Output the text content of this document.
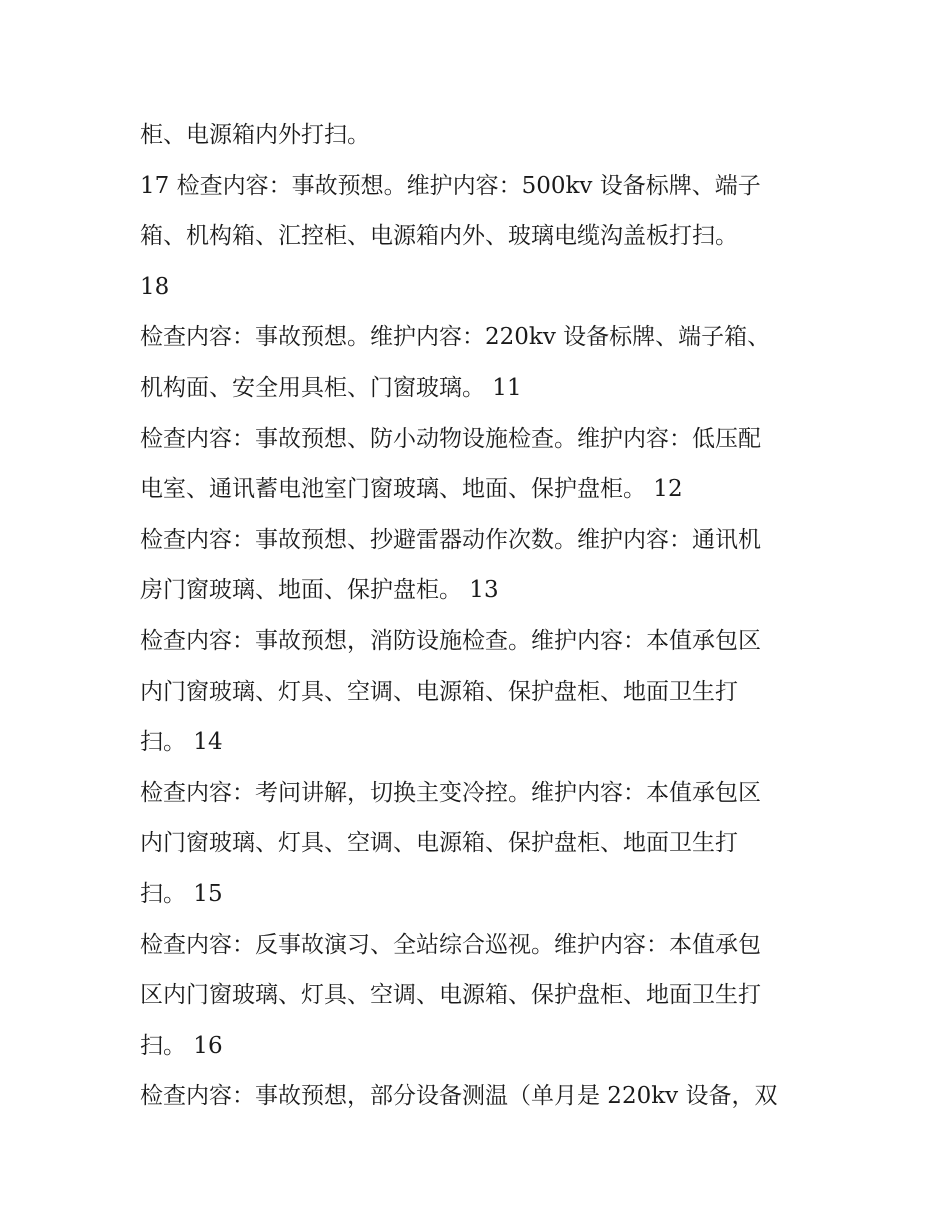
柜、电源箱内外打扫。
17 检查内容：事故预想。维护内容：500kv 设备标牌、端子
箱、机构箱、汇控柜、电源箱内外、玻璃电缆沟盖板打扫。
18
检查内容：事故预想。维护内容：220kv 设备标牌、端子箱、
机构面、安全用具柜、门窗玻璃。 11
检查内容：事故预想、防小动物设施检查。维护内容：低压配
电室、通讯蓄电池室门窗玻璃、地面、保护盘柜。 12
检查内容：事故预想、抄避雷器动作次数。维护内容：通讯机
房门窗玻璃、地面、保护盘柜。 13
检查内容：事故预想，消防设施检查。维护内容：本值承包区
内门窗玻璃、灯具、空调、电源箱、保护盘柜、地面卫生打
扫。 14
检查内容：考问讲解，切换主变冷控。维护内容：本值承包区
内门窗玻璃、灯具、空调、电源箱、保护盘柜、地面卫生打
扫。 15
检查内容：反事故演习、全站综合巡视。维护内容：本值承包
区内门窗玻璃、灯具、空调、电源箱、保护盘柜、地面卫生打
扫。 16
检查内容：事故预想，部分设备测温（单月是 220kv 设备，双
